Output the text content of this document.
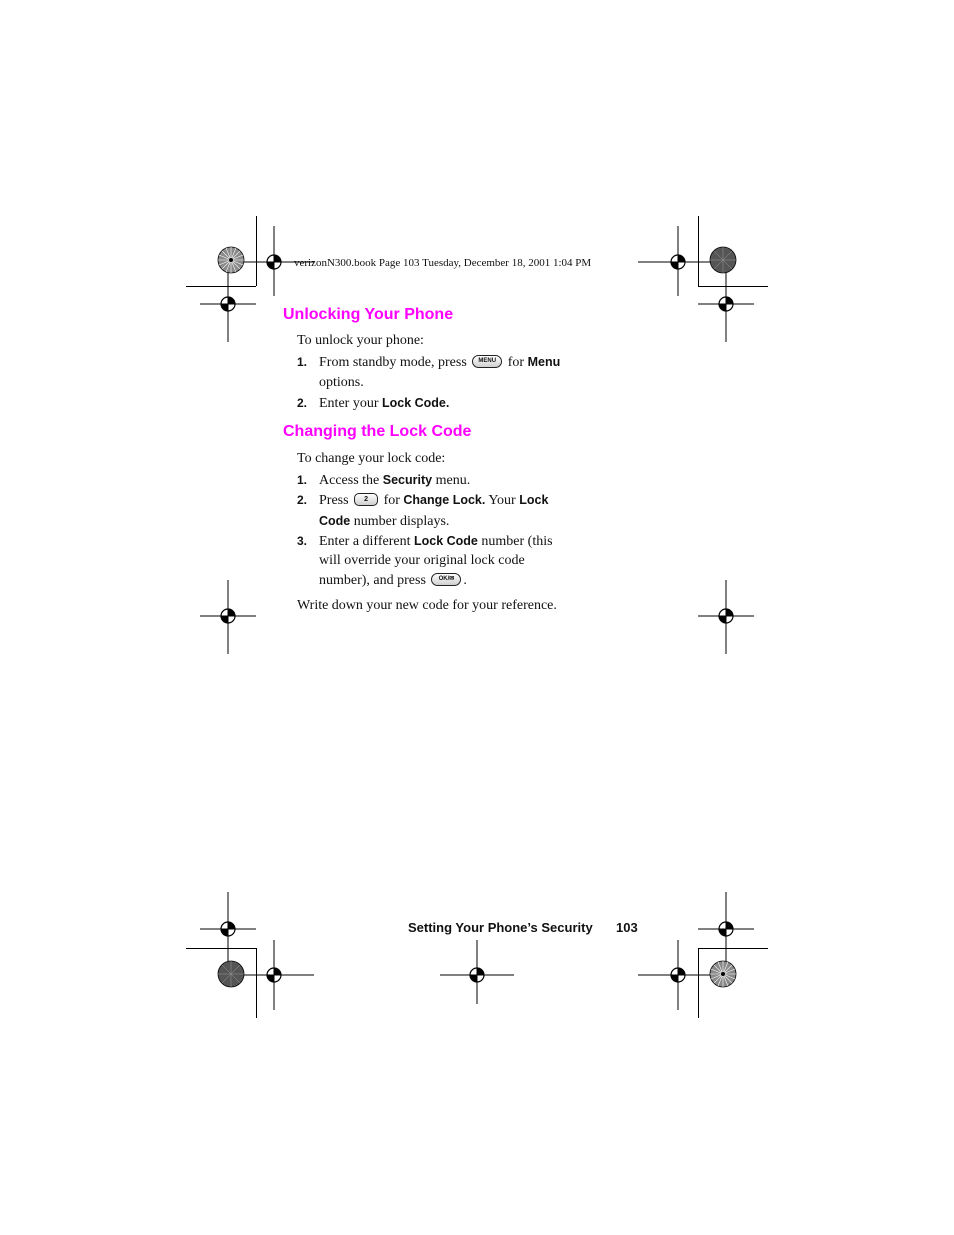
verizonN300.book Page 103 Tuesday, December 18, 2001 1:04 PM
Unlocking Your Phone
To unlock your phone:
1. From standby mode, press MENU for Menu
options.
2. Enter your Lock Code.
Changing the Lock Code
To change your lock code:
1. Access the Security menu.
2. Press 2 for Change Lock. Your Lock
Code number displays.
3. Enter a different Lock Code number (this
will override your original lock code
number), and press OK/✉ .
Write down your new code for your reference.
Setting Your Phone’s Security 103
